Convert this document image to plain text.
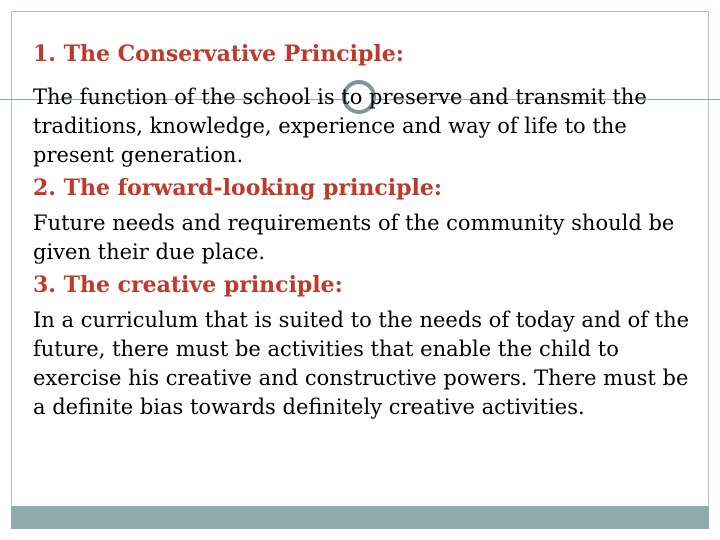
1. The Conservative Principle:

The function of the school is to preserve and transmit the traditions, knowledge, experience and way of life to the present generation.

2. The forward-looking principle:

Future needs and requirements of the community should be given their due place.

3. The creative principle:

In a curriculum that is suited to the needs of today and of the future, there must be activities that enable the child to exercise his creative and constructive powers. There must be a definite bias towards definitely creative activities.
